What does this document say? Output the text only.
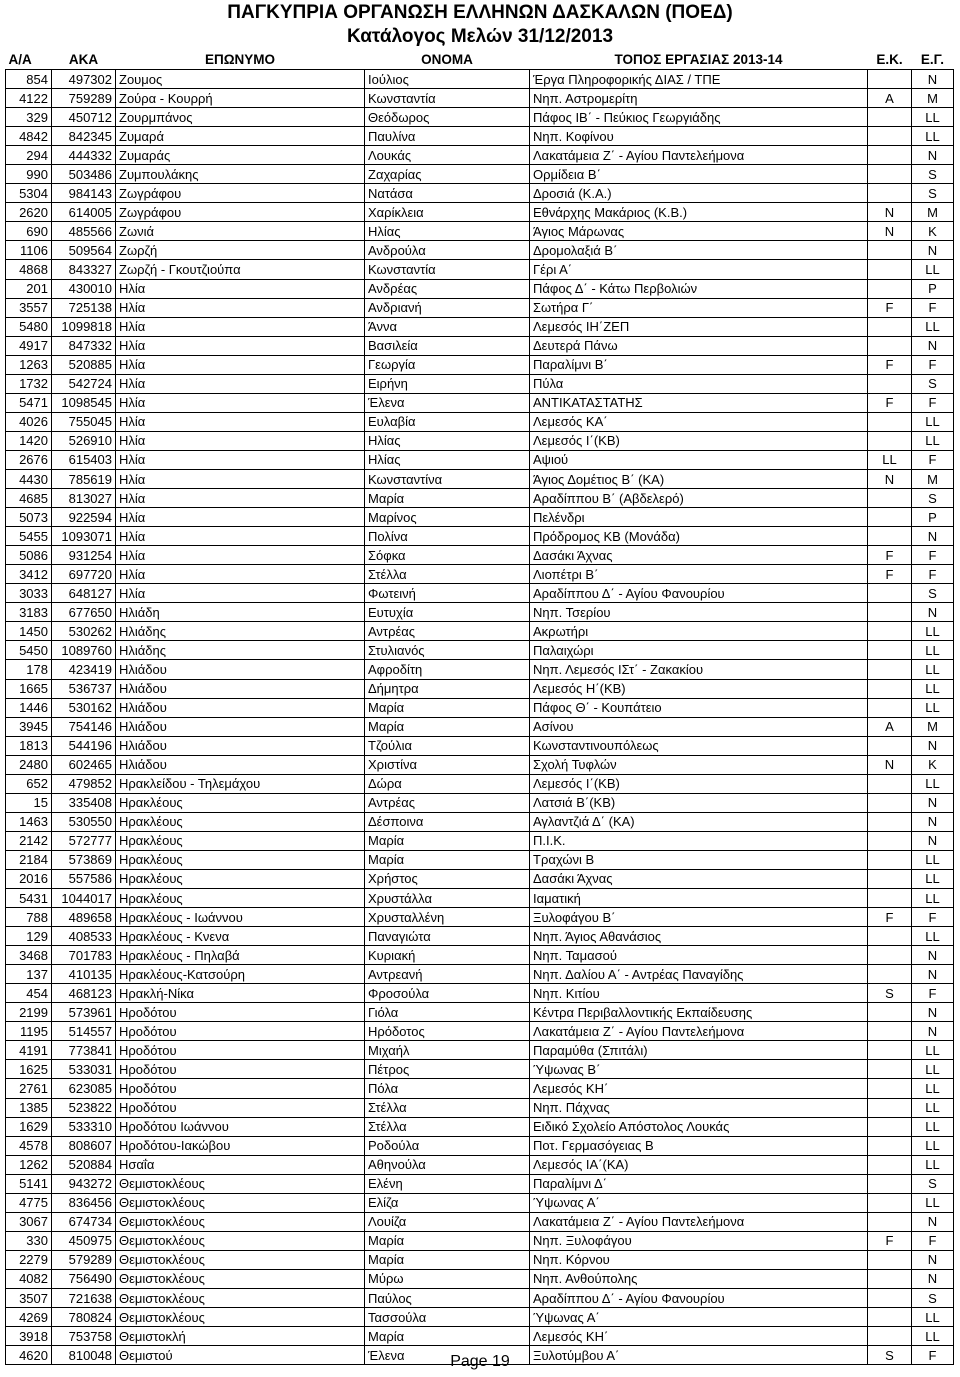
ΠΑΓΚΥΠΡΙΑ ΟΡΓΑΝΩΣΗ ΕΛΛΗΝΩΝ ΔΑΣΚΑΛΩΝ (ΠΟΕΔ)
Κατάλογος Μελών 31/12/2013
Α/Α	ΑΚΑ	ΕΠΩΝΥΜΟ	ΟΝΟΜΑ	ΤΟΠΟΣ ΕΡΓΑΣΙΑΣ 2013-14	Ε.Κ.	Ε.Γ.
854	497302	Ζουμος	Ιούλιος	Έργα Πληροφορικής ΔΙΑΣ / ΤΠΕ		N
4122	759289	Ζούρα - Κουρρή	Κωνσταντία	Νηπ. Αστρομερίτη	A	M
329	450712	Ζουρμπάνος	Θεόδωρος	Πάφος ΙΒ΄ - Πεύκιος Γεωργιάδης		LL
4842	842345	Ζυμαρά	Παυλίνα	Νηπ. Κοφίνου		LL
294	444332	Ζυμαράς	Λουκάς	Λακατάμεια Ζ΄ - Αγίου Παντελεήμονα		N
990	503486	Ζυμπουλάκης	Ζαχαρίας	Ορμίδεια Β΄		S
5304	984143	Ζωγράφου	Νατάσα	Δροσιά (Κ.Α.)		S
2620	614005	Ζωγράφου	Χαρίκλεια	Εθνάρχης Μακάριος (Κ.Β.)	N	M
690	485566	Ζωνιά	Ηλίας	Άγιος Μάρωνας	N	K
1106	509564	Ζωρζή	Ανδρούλα	Δρομολαξιά Β΄		N
4868	843327	Ζωρζή - Γκουτζιούπα	Κωνσταντία	Γέρι Α΄		LL
201	430010	Ηλία	Ανδρέας	Πάφος Δ΄ - Κάτω Περβολιών		P
3557	725138	Ηλία	Ανδριανή	Σωτήρα Γ΄	F	F
5480	1099818	Ηλία	Άννα	Λεμεσός ΙΗ΄ΖΕΠ		LL
4917	847332	Ηλία	Βασιλεία	Δευτερά Πάνω		N
1263	520885	Ηλία	Γεωργία	Παραλίμνι Β΄	F	F
1732	542724	Ηλία	Ειρήνη	Πύλα		S
5471	1098545	Ηλία	Έλενα	ΑΝΤΙΚΑΤΑΣΤΑΤΗΣ	F	F
4026	755045	Ηλία	Ευλαβία	Λεμεσός ΚΑ΄		LL
1420	526910	Ηλία	Ηλίας	Λεμεσός Ι΄(ΚΒ)		LL
2676	615403	Ηλία	Ηλίας	Αψιού	LL	F
4430	785619	Ηλία	Κωνσταντίνα	Άγιος Δομέτιος Β΄ (ΚΑ)	N	M
4685	813027	Ηλία	Μαρία	Αραδίππου Β΄ (Αβδελερό)		S
5073	922594	Ηλία	Μαρίνος	Πελένδρι		P
5455	1093071	Ηλία	Πολίνα	Πρόδρομος ΚΒ (Μονάδα)		N
5086	931254	Ηλία	Σόφκα	Δασάκι Άχνας	F	F
3412	697720	Ηλία	Στέλλα	Λιοπέτρι Β΄	F	F
3033	648127	Ηλία	Φωτεινή	Αραδίππου Δ΄ - Αγίου Φανουρίου		S
3183	677650	Ηλιάδη	Ευτυχία	Νηπ. Τσερίου		N
1450	530262	Ηλιάδης	Αντρέας	Ακρωτήρι		LL
5450	1089760	Ηλιάδης	Στυλιανός	Παλαιχώρι		LL
178	423419	Ηλιάδου	Αφροδίτη	Νηπ. Λεμεσός ΙΣτ΄ - Ζακακίου		LL
1665	536737	Ηλιάδου	Δήμητρα	Λεμεσός Η΄(ΚΒ)		LL
1446	530162	Ηλιάδου	Μαρία	Πάφος Θ΄ - Κουπάτειο		LL
3945	754146	Ηλιάδου	Μαρία	Ασίνου	A	M
1813	544196	Ηλιάδου	Τζούλια	Κωνσταντινουπόλεως		N
2480	602465	Ηλιάδου	Χριστίνα	Σχολή Τυφλών	N	K
652	479852	Ηρακλείδου - Τηλεμάχου	Δώρα	Λεμεσός Ι΄(ΚΒ)		LL
15	335408	Ηρακλέους	Αντρέας	Λατσιά Β΄(ΚΒ)		N
1463	530550	Ηρακλέους	Δέσποινα	Αγλαντζιά Δ΄ (ΚΑ)		N
2142	572777	Ηρακλέους	Μαρία	Π.Ι.Κ.		N
2184	573869	Ηρακλέους	Μαρία	Τραχώνι Β		LL
2016	557586	Ηρακλέους	Χρήστος	Δασάκι Άχνας		LL
5431	1044017	Ηρακλέους	Χρυστάλλα	Ιαματική		LL
788	489658	Ηρακλέους - Ιωάννου	Χρυσταλλένη	Ξυλοφάγου Β΄	F	F
129	408533	Ηρακλέους - Κνενα	Παναγιώτα	Νηπ. Άγιος Αθανάσιος		LL
3468	701783	Ηρακλέους - Πηλαβά	Κυριακή	Νηπ. Ταμασού		N
137	410135	Ηρακλέους-Κατσούρη	Αντρεανή	Νηπ. Δαλίου Α΄ - Αντρέας Παναγίδης		N
454	468123	Ηρακλή-Νίκα	Φροσούλα	Νηπ. Κιτίου	S	F
2199	573961	Ηροδότου	Γιόλα	Κέντρα Περιβαλλοντικής Εκπαίδευσης		N
1195	514557	Ηροδότου	Ηρόδοτος	Λακατάμεια Ζ΄ - Αγίου Παντελεήμονα		N
4191	773841	Ηροδότου	Μιχαήλ	Παραμύθα (Σπιτάλι)		LL
1625	533031	Ηροδότου	Πέτρος	Ύψωνας Β΄		LL
2761	623085	Ηροδότου	Πόλα	Λεμεσός ΚΗ΄		LL
1385	523822	Ηροδότου	Στέλλα	Νηπ. Πάχνας		LL
1629	533310	Ηροδότου Ιωάννου	Στέλλα	Ειδικό Σχολείο Απόστολος Λουκάς		LL
4578	808607	Ηροδότου-Ιακώβου	Ροδούλα	Ποτ. Γερμασόγειας Β		LL
1262	520884	Ησαΐα	Αθηνούλα	Λεμεσός ΙΑ΄(ΚΑ)		LL
5141	943272	Θεμιστοκλέους	Ελένη	Παραλίμνι Δ΄		S
4775	836456	Θεμιστοκλέους	Ελίζα	Ύψωνας Α΄		LL
3067	674734	Θεμιστοκλέους	Λουίζα	Λακατάμεια Ζ΄ - Αγίου Παντελεήμονα		N
330	450975	Θεμιστοκλέους	Μαρία	Νηπ. Ξυλοφάγου	F	F
2279	579289	Θεμιστοκλέους	Μαρία	Νηπ. Κόρνου		N
4082	756490	Θεμιστοκλέους	Μύρω	Νηπ. Ανθούπολης		N
3507	721638	Θεμιστοκλέους	Παύλος	Αραδίππου Δ΄ - Αγίου Φανουρίου		S
4269	780824	Θεμιστοκλέους	Τασσούλα	Ύψωνας Α΄		LL
3918	753758	Θεμιστοκλή	Μαρία	Λεμεσός ΚΗ΄		LL
4620	810048	Θεμιστού	Έλενα	Ξυλοτύμβου Α΄	S	F
Page 19
